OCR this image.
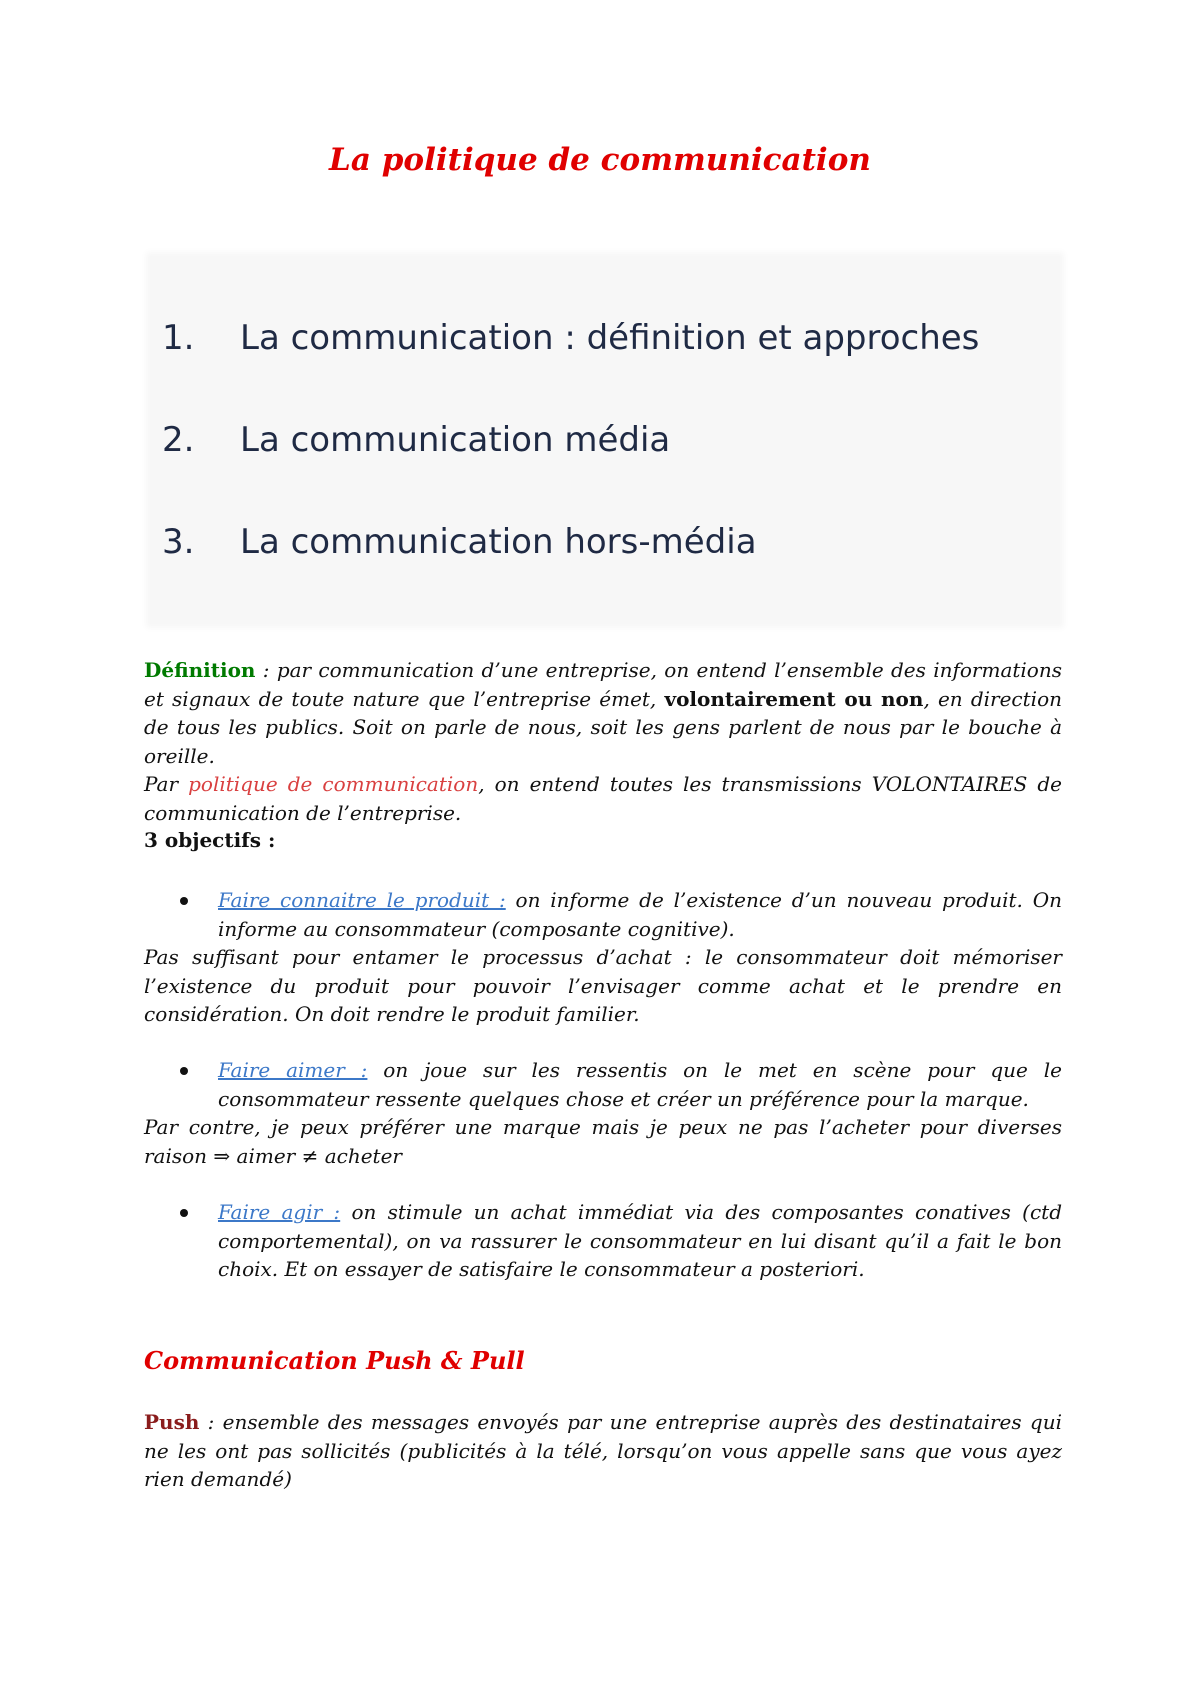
La politique de communication
1. La communication : définition et approches
2. La communication média
3. La communication hors-média

Définition : par communication d’une entreprise, on entend l’ensemble des informations et signaux de toute nature que l’entreprise émet, volontairement ou non, en direction de tous les publics. Soit on parle de nous, soit les gens parlent de nous par le bouche à oreille.
Par politique de communication, on entend toutes les transmissions VOLONTAIRES de communication de l’entreprise.

3 objectifs :

Faire connaitre le produit : on informe de l’existence d’un nouveau produit. On informe au consommateur (composante cognitive).

Pas suffisant pour entamer le processus d’achat : le consommateur doit mémoriser l’existence du produit pour pouvoir l’envisager comme achat et le prendre en considération. On doit rendre le produit familier.

Faire aimer : on joue sur les ressentis on le met en scène pour que le consommateur ressente quelques chose et créer un préférence pour la marque.

Par contre, je peux préférer une marque mais je peux ne pas l’acheter pour diverses raison ⇒ aimer ≠ acheter

Faire agir : on stimule un achat immédiat via des composantes conatives (ctd comportemental), on va rassurer le consommateur en lui disant qu’il a fait le bon choix. Et on essayer de satisfaire le consommateur a posteriori.
Communication Push & Pull

Push : ensemble des messages envoyés par une entreprise auprès des destinataires qui ne les ont pas sollicités (publicités à la télé, lorsqu’on vous appelle sans que vous ayez rien demandé)
